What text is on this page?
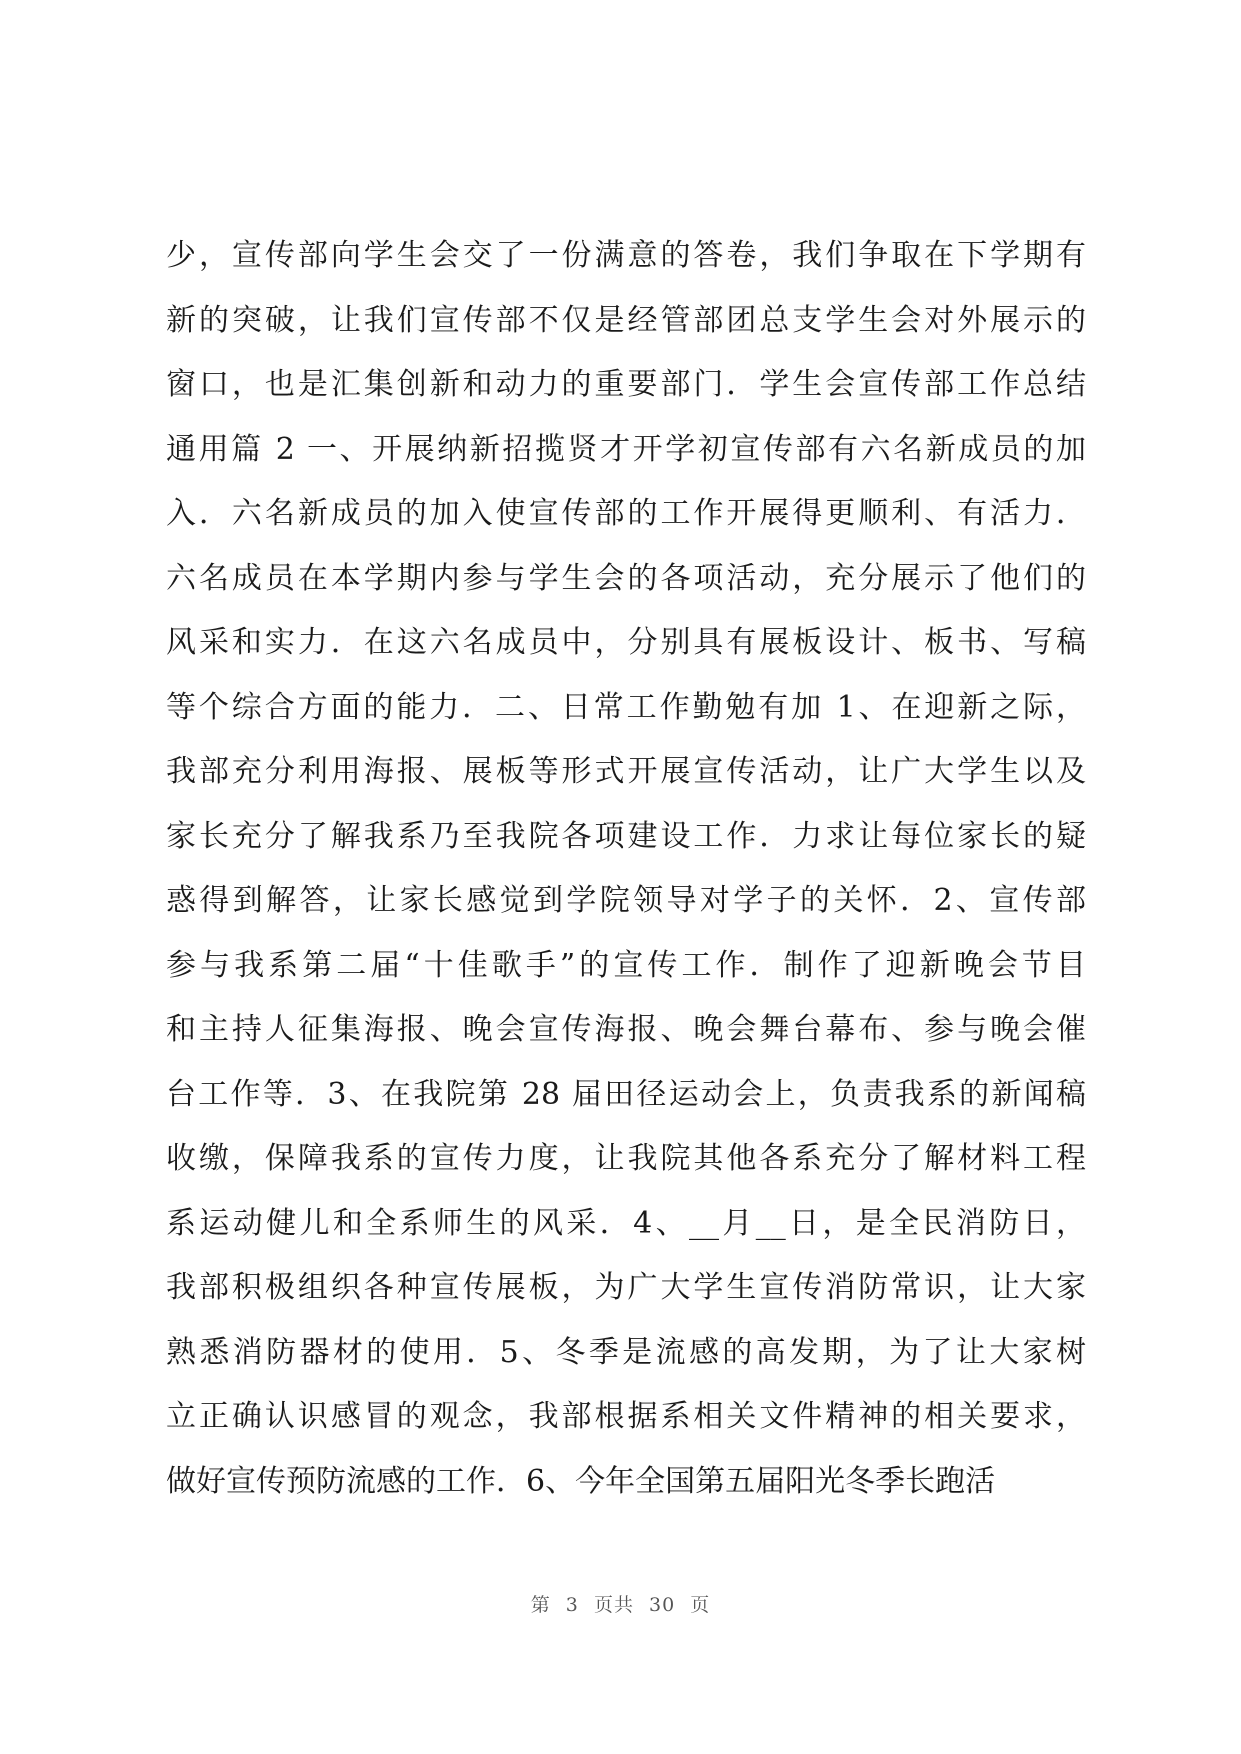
少，宣传部向学生会交了一份满意的答卷，我们争取在下学期有
新的突破，让我们宣传部不仅是经管部团总支学生会对外展示的
窗口，也是汇集创新和动力的重要部门．学生会宣传部工作总结
通用篇 2 一、开展纳新招揽贤才开学初宣传部有六名新成员的加
入．六名新成员的加入使宣传部的工作开展得更顺利、有活力．
六名成员在本学期内参与学生会的各项活动，充分展示了他们的
风采和实力．在这六名成员中，分别具有展板设计、板书、写稿
等个综合方面的能力．二、日常工作勤勉有加 1、在迎新之际，
我部充分利用海报、展板等形式开展宣传活动，让广大学生以及
家长充分了解我系乃至我院各项建设工作．力求让每位家长的疑
惑得到解答，让家长感觉到学院领导对学子的关怀．2、宣传部
参与我系第二届“十佳歌手”的宣传工作．制作了迎新晚会节目
和主持人征集海报、晚会宣传海报、晚会舞台幕布、参与晚会催
台工作等．3、在我院第 28 届田径运动会上，负责我系的新闻稿
收缴，保障我系的宣传力度，让我院其他各系充分了解材料工程
系运动健儿和全系师生的风采．4、__月__日，是全民消防日，
我部积极组织各种宣传展板，为广大学生宣传消防常识，让大家
熟悉消防器材的使用．5、冬季是流感的高发期，为了让大家树
立正确认识感冒的观念，我部根据系相关文件精神的相关要求，
做好宣传预防流感的工作．6、今年全国第五届阳光冬季长跑活
第 3 页共 30 页
